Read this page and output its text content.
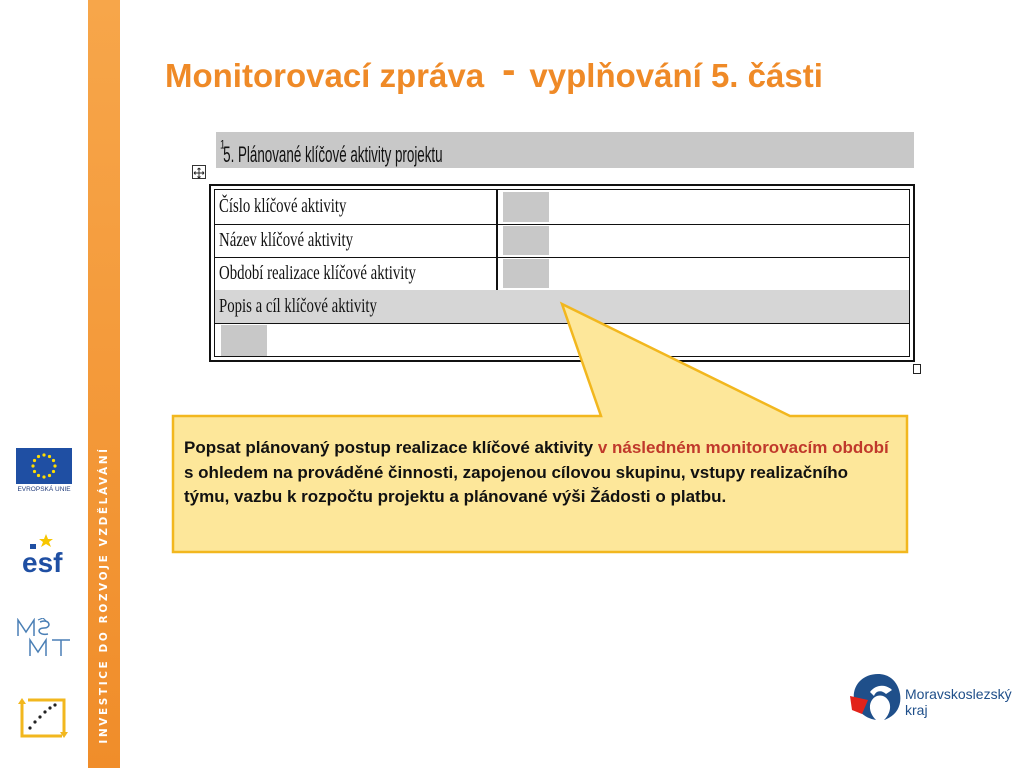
INVESTICE DO ROZVOJE VZDĚLÁVÁNÍ
EVROPSKÁ UNIE
esf
Monitorovací zpráva - vyplňování 5. části
5. Plánované klíčové aktivity projektu
$^1$
Číslo klíčové aktivity
Název klíčové aktivity
Období realizace klíčové aktivity
Popis a cíl klíčové aktivity
Popsat plánovaný postup realizace klíčové aktivity v následném monitorovacím období s ohledem na prováděné činnosti, zapojenou cílovou skupinu, vstupy realizačního týmu, vazbu k rozpočtu projektu a plánované výši Žádosti o platbu.
Moravskoslezský
kraj
